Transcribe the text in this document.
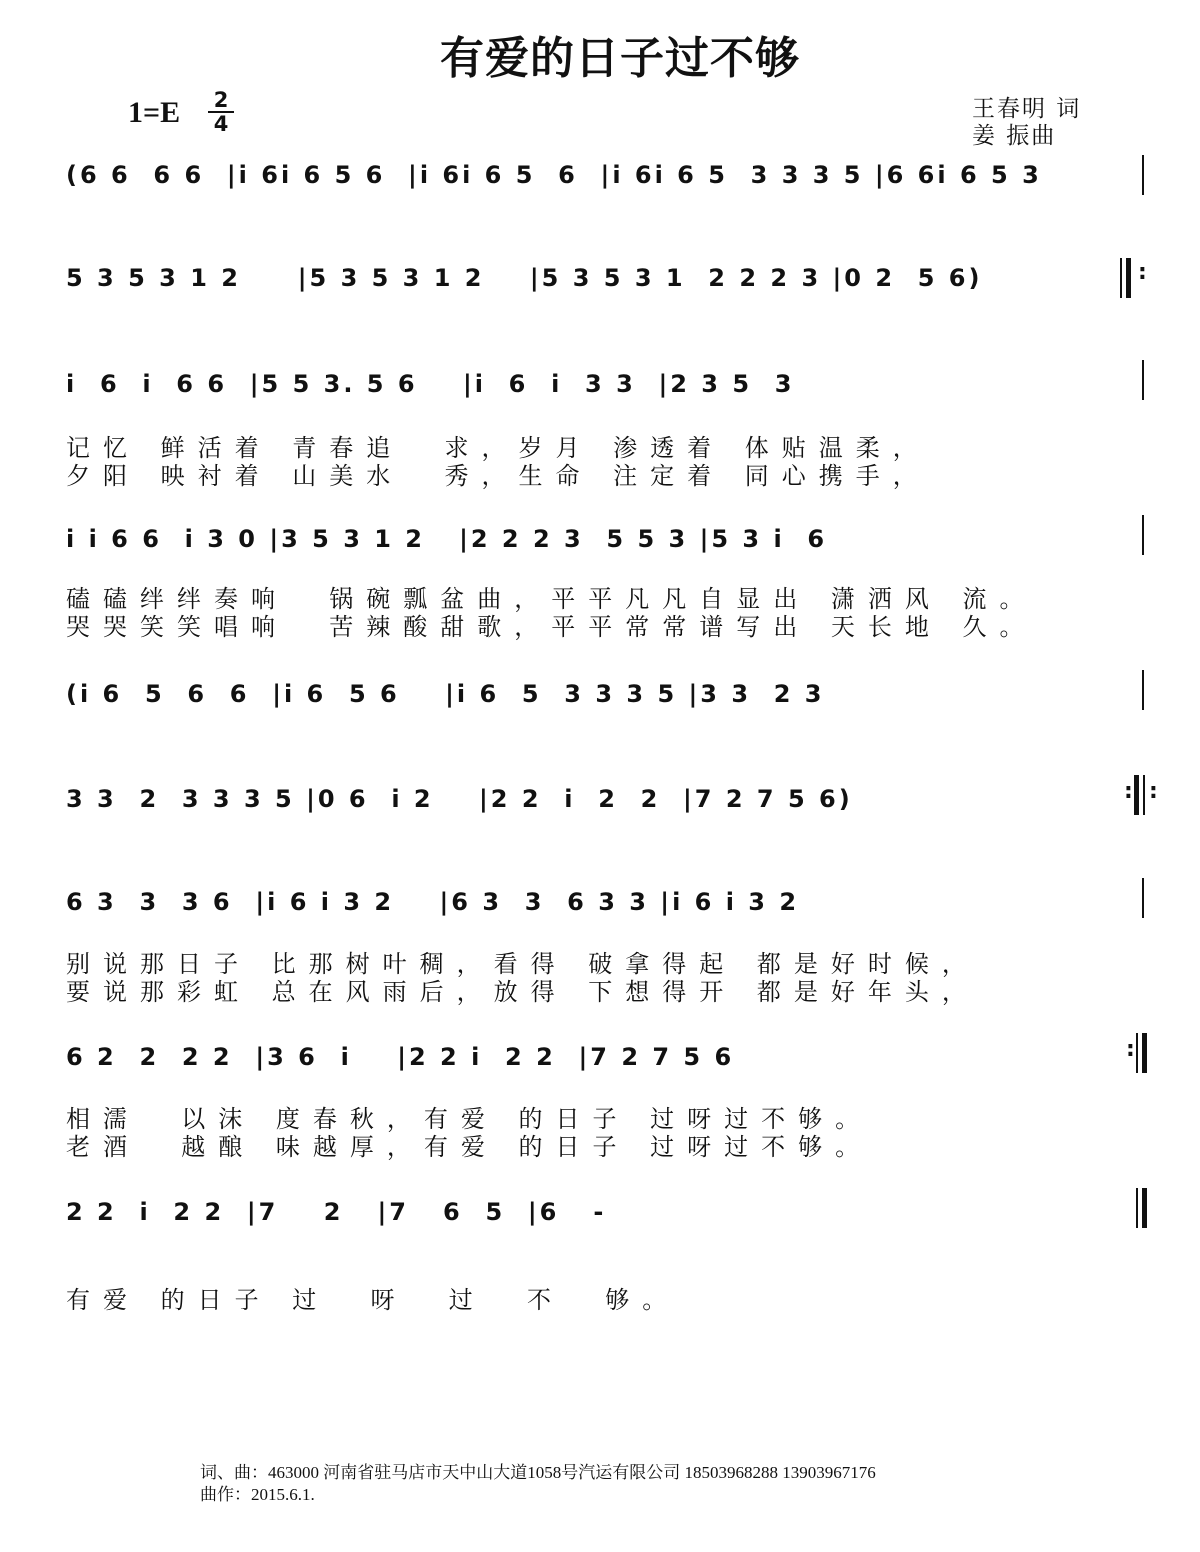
有爱的日子过不够
1=E 2
4
王春明 词
姜 振曲
(6 6  6 6  |i 6i 6 5 6  |i 6i 6 5  6  |i 6i 6 5  3 3 3 5 |6 6i 6 5 3
5 3 5 3 1 2     |5 3 5 3 1 2    |5 3 5 3 1  2 2 2 3 |0 2  5 6)	:
i  6  i  6 6  |5 5 3. 5 6    |i  6  i  3 3  |2 3 5  3
记忆 鲜活着 青春追  求，岁月 渗透着 体贴温柔，
夕阳 映衬着 山美水  秀，生命 注定着 同心携手，
i i 6 6  i 3 0 |3 5 3 1 2   |2 2 2 3  5 5 3 |5 3 i  6
磕磕绊绊奏响  锅碗瓢盆曲，平平凡凡自显出 潇洒风 流。
哭哭笑笑唱响  苦辣酸甜歌，平平常常谱写出 天长地 久。
(i 6  5  6  6  |i 6  5 6    |i 6  5  3 3 3 5 |3 3  2 3
3 3  2  3 3 3 5 |0 6  i 2    |2 2  i  2  2  |7 2 7 5 6)	: :
6 3  3  3 6  |i 6 i 3 2    |6 3  3  6 3 3 |i 6 i 3 2
别说那日子 比那树叶稠，看得 破拿得起 都是好时候，
要说那彩虹 总在风雨后，放得 下想得开 都是好年头，
6 2  2  2 2  |3 6  i    |2 2 i  2 2  |7 2 7 5 6	:
相濡  以沫 度春秋，有爱 的日子 过呀过不够。
老酒  越酿 味越厚，有爱 的日子 过呀过不够。
2 2  i  2 2  |7    2   |7   6  5  |6   -
有爱 的日子 过  呀  过  不  够。
词、曲：463000 河南省驻马店市天中山大道1058号汽运有限公司 18503968288 13903967176
曲作：2015.6.1.
